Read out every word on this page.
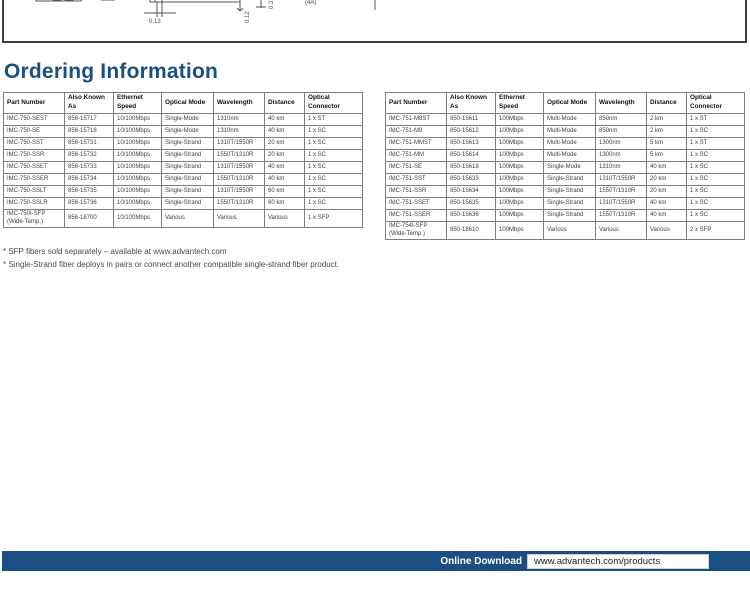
0.13	0.12
0.3	(4A)
Ordering Information
Part Number	Also Known As	Ethernet Speed	Optical Mode	Wavelength	Distance	Optical Connector
IMC-750-SEST	856-15717	10/100Mbps	Single-Mode	1310nm	40 km	1 x ST
IMC-750-SE	856-15718	10/100Mbps	Single-Mode	1310nm	40 km	1 x SC
IMC-750-SST	856-15731	10/100Mbps	Single-Strand	1310T/1550R	20 km	1 x SC
IMC-750-SSR	856-15732	10/100Mbps	Single-Strand	1550T/1310R	20 km	1 x SC
IMC-750-SSET	856-15733	10/100Mbps	Single-Strand	1310T/1550R	40 km	1 x SC
IMC-750-SSER	856-15734	10/100Mbps	Single-Strand	1550T/1310R	40 km	1 x SC
IMC-750-SSLT	856-15735	10/100Mbps	Single-Strand	1310T/1550R	60 km	1 x SC
IMC-750-SSLR	856-15736	10/100Mbps	Single-Strand	1550T/1310R	60 km	1 x SC
IMC-750I-SFP (Wide-Temp.)	856-18700	10/100Mbps	Various	Various	Various	1 x SFP
Part Number	Also Known As	Ethernet Speed	Optical Mode	Wavelength	Distance	Optical Connector
IMC-751-M8ST	850-15611	100Mbps	Multi-Mode	850nm	2 km	1 x ST
IMC-751-M8	850-15612	100Mbps	Multi-Mode	850nm	2 km	1 x SC
IMC-751-MMST	850-15613	100Mbps	Multi-Mode	1300nm	5 km	1 x ST
IMC-751-MM	850-15614	100Mbps	Multi-Mode	1300nm	5 km	1 x SC
IMC-751-SE	850-15618	100Mbps	Single-Mode	1310nm	40 km	1 x SC
IMC-751-SST	850-15633	100Mbps	Single-Strand	1310T/1550R	20 km	1 x SC
IMC-751-SSR	850-15634	100Mbps	Single-Strand	1550T/1310R	20 km	1 x SC
IMC-751-SSET	850-15635	100Mbps	Single-Strand	1310T/1550R	40 km	1 x SC
IMC-751-SSER	850-15636	100Mbps	Single-Strand	1550T/1310R	40 km	1 x SC
IMC-754I-SFP (Wide-Temp.)	850-18610	100Mbps	Various	Various	Various	2 x SFP
* SFP fibers sold separately – available at www.advantech.com
* Single-Strand fiber deploys in pairs or connect another compatible single-strand fiber product.
Online Download	www.advantech.com/products
